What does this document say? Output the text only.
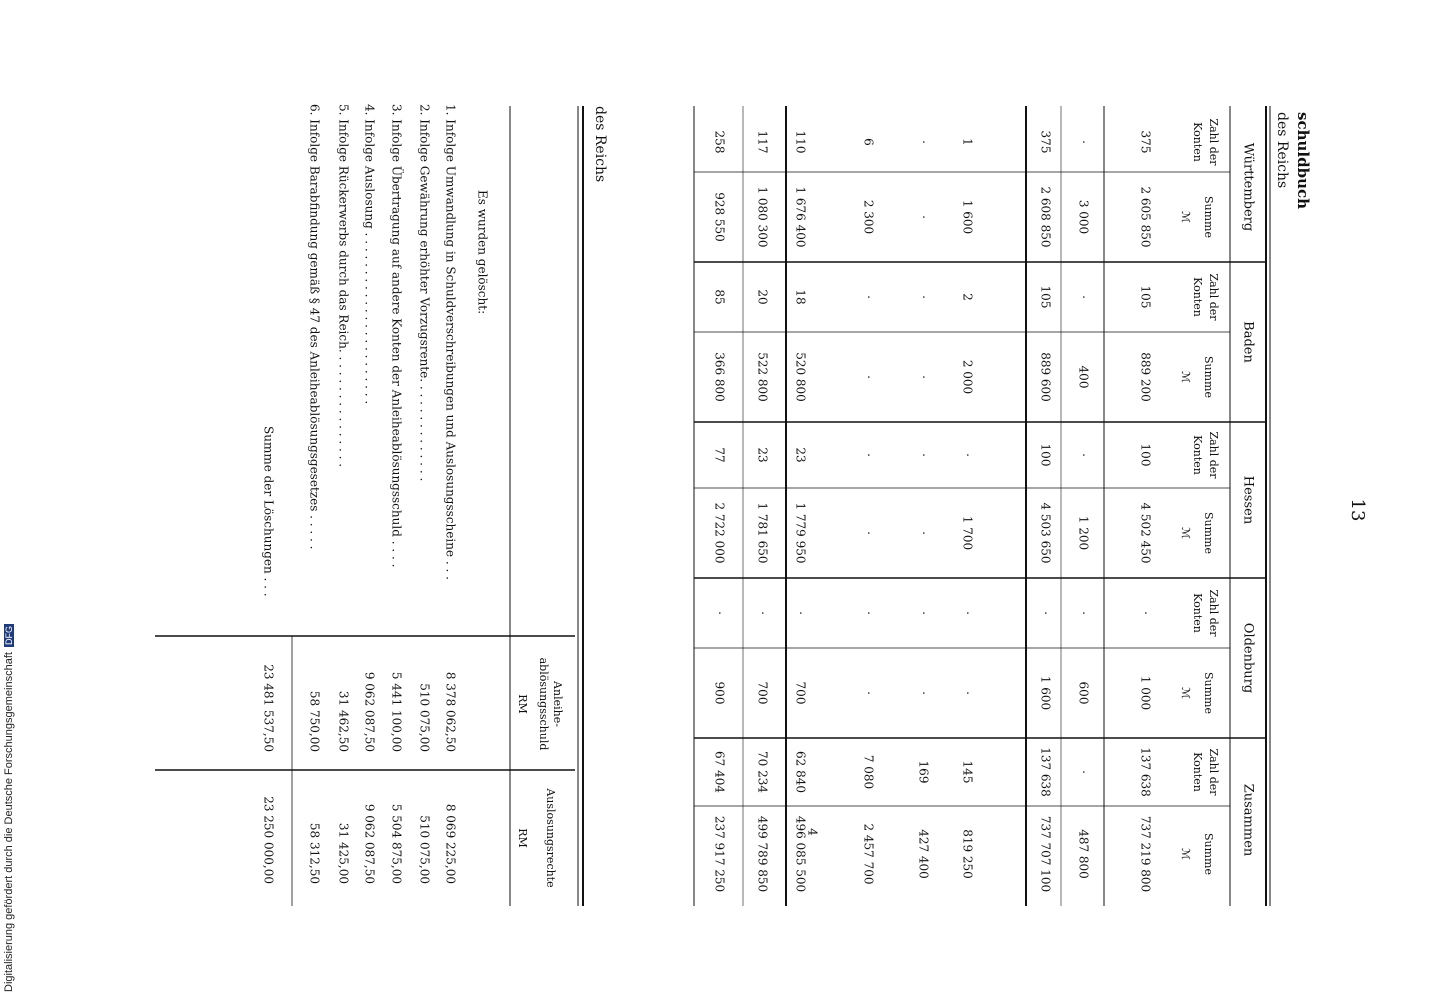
13
4
schuldbuch
des Reichs
Württemberg
Baden
Hessen
Oldenburg
Zusammen
Zahl der
Konten
Summe
ℳ
Zahl der
Konten
Summe
ℳ
Zahl der
Konten
Summe
ℳ
Zahl der
Konten
Summe
ℳ
Zahl der
Konten
Summe
ℳ
375
2 605 850
105
889 200
100
4 502 450
·
1 000
137 638
737 219 800
·
3 000
·
400
·
1 200
·
600
·
487 800
375
2 608 850
105
889 600
100
4 503 650
·
1 600
137 638
737 707 100
1
1 600
2
2 000
·
1 700
·
·
145
819 250
·
·
·
·
·
·
·
·
169
427 400
6
2 300
·
·
·
·
·
·
7 080
2 457 700
110
1 676 400
18
520 800
23
1 779 950
·
700
62 840
496 085 500
117
1 080 300
20
522 800
23
1 781 650
·
700
70 234
499 789 850
258
928 550
85
366 800
77
2 722 000
·
900
67 404
237 917 250
des Reichs
Anleihe-
ablösungsschuld
RM
Auslosungsrechte
RM
Es wurden gelöscht:
1. Infolge Umwandlung in Schuldverschreibungen und Auslosungsscheine . . .
8 378 062,50
8 069 225,00
2. Infolge Gewährung erhöhter Vorzugsrente. . . . . . . . . . . . . .
510 075,00
510 075,00
3. Infolge Übertragung auf andere Konten der Anleiheablösungsschuld . . . .
5 441 100,00
5 504 875,00
4. Infolge Auslosung . . . . . . . . . . . . . . . . . . . . . . .
9 062 087,50
9 062 087,50
5. Infolge Rückerwerbs durch das Reich. . . . . . . . . . . . . . . .
31 462,50
31 425,00
6. Infolge Barabfindung gemäß § 47 des Anleiheablösungsgesetzes . . . . .
58 750,00
58 312,50
Summe der Löschungen . . .
23 481 537,50
23 250 000,00
Digitalisierung gefördert durch die Deutsche Forschungsgemeinschaft DFG
